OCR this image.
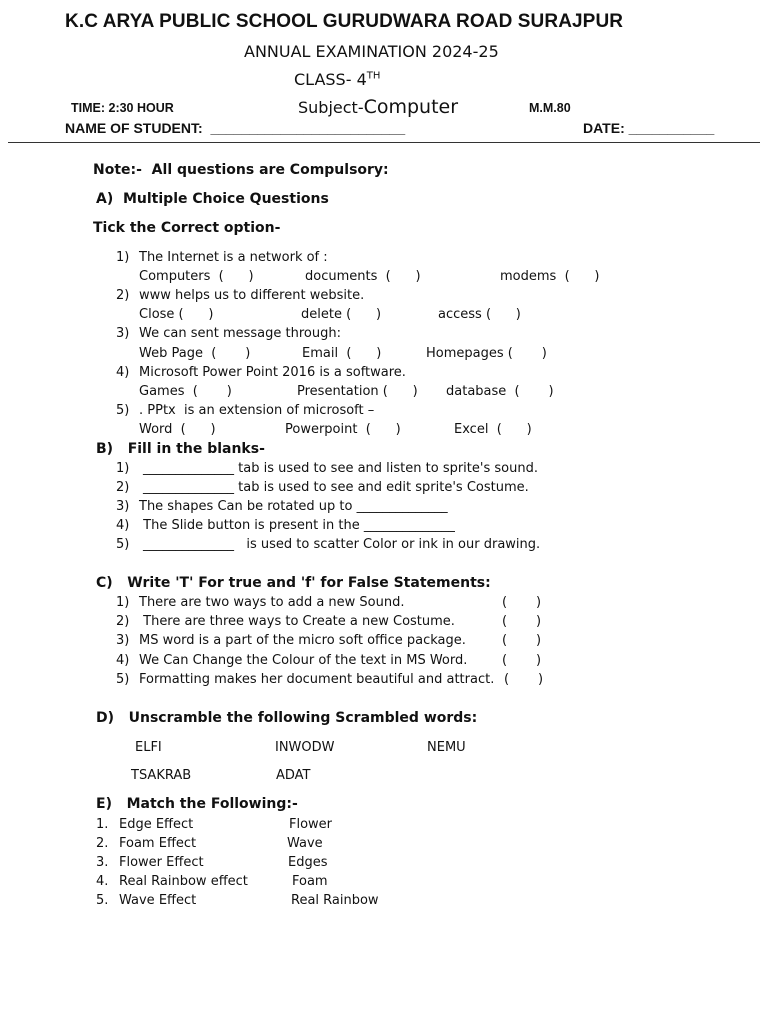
K.C ARYA PUBLIC SCHOOL GURUDWARA ROAD SURAJPUR
ANNUAL EXAMINATION 2024-25
CLASS- 4TH
TIME: 2:30 HOUR	Subject-Computer	M.M.80
NAME OF STUDENT: _________________________	DATE: ___________
Note:-  All questions are Compulsory:
A)  Multiple Choice Questions
Tick the Correct option-
1) The Internet is a network of :
Computers  (      )	documents  (      )	modems  (      )
2) www helps us to different website.
Close (      )	delete (      )	access (      )
3) We can sent message through:
Web Page  (       )	Email  (      )	Homepages (       )
4) Microsoft Power Point 2016 is a software.
Games  (       )	Presentation (      ) database  (       )
5) . PPtx  is an extension of microsoft –
Word  (      )	Powerpoint  (      )	Excel  (      )
B)   Fill in the blanks-
1) ______________ tab is used to see and listen to sprite's sound.
2) ______________ tab is used to see and edit sprite's Costume.
3) The shapes Can be rotated up to ______________
4) The Slide button is present in the ______________
5) ______________   is used to scatter Color or ink in our drawing.
C)   Write 'T' For true and 'f' for False Statements:
1) There are two ways to add a new Sound.	(       )
2) There are three ways to Create a new Costume.	(       )
3) MS word is a part of the micro soft office package.	(       )
4) We Can Change the Colour of the text in MS Word.	(       )
5) Formatting makes her document beautiful and attract. (       )
D)   Unscramble the following Scrambled words:
ELFI	INWODW	NEMU
TSAKRAB	ADAT
E)   Match the Following:-
1. Edge Effect	Flower
2. Foam Effect	Wave
3. Flower Effect	Edges
4. Real Rainbow effect	Foam
5. Wave Effect	Real Rainbow
